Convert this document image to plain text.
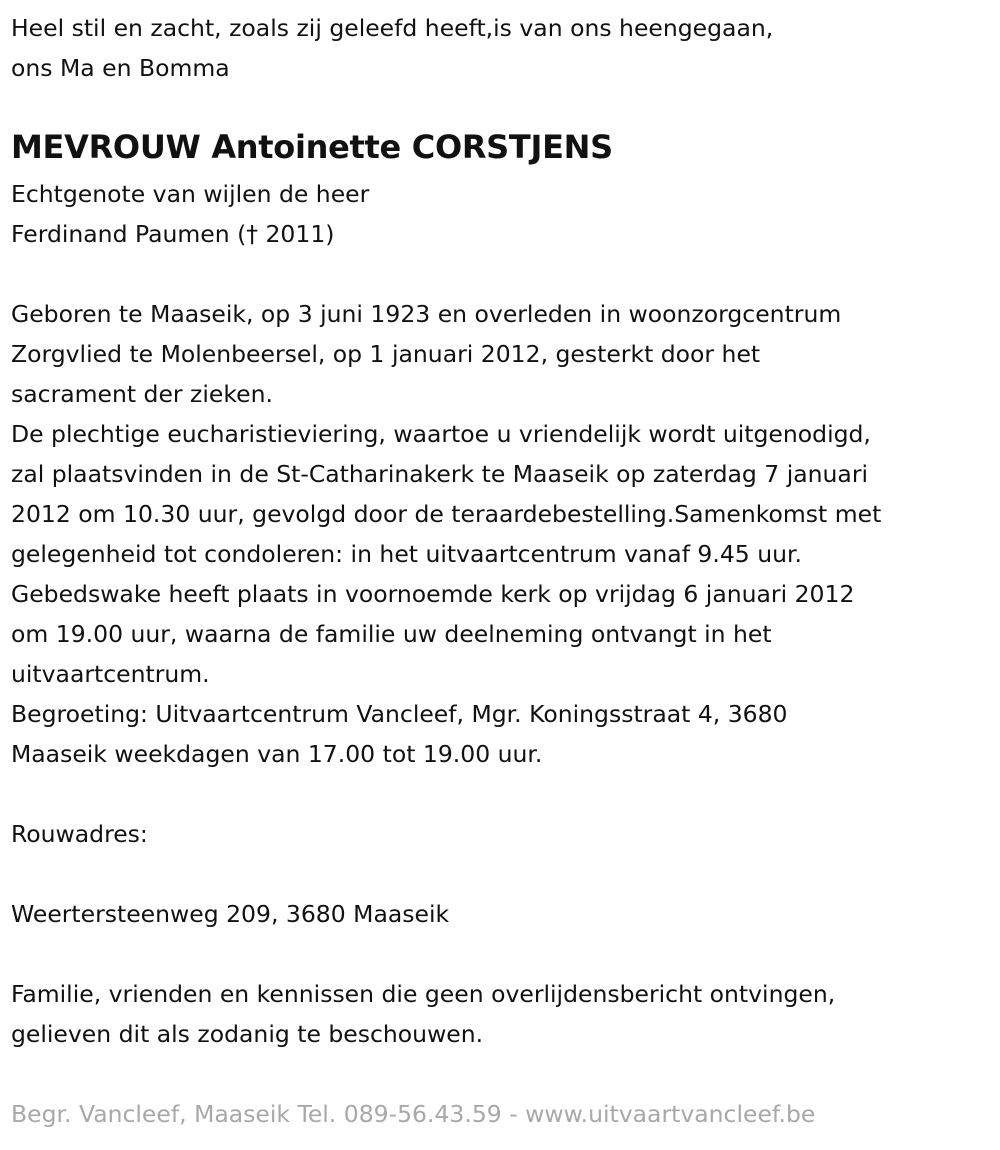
Heel stil en zacht, zoals zij geleefd heeft,is van ons heengegaan,
ons Ma en Bomma
MEVROUW Antoinette CORSTJENS
Echtgenote van wijlen de heer
Ferdinand Paumen († 2011)
Geboren te Maaseik, op 3 juni 1923 en overleden in woonzorgcentrum
Zorgvlied te Molenbeersel, op 1 januari 2012, gesterkt door het
sacrament der zieken.
De plechtige eucharistieviering, waartoe u vriendelijk wordt uitgenodigd,
zal plaatsvinden in de St-Catharinakerk te Maaseik op zaterdag 7 januari
2012 om 10.30 uur, gevolgd door de teraardebestelling.Samenkomst met
gelegenheid tot condoleren: in het uitvaartcentrum vanaf 9.45 uur.
Gebedswake heeft plaats in voornoemde kerk op vrijdag 6 januari 2012
om 19.00 uur, waarna de familie uw deelneming ontvangt in het
uitvaartcentrum.
Begroeting: Uitvaartcentrum Vancleef, Mgr. Koningsstraat 4, 3680
Maaseik weekdagen van 17.00 tot 19.00 uur.
Rouwadres:
Weertersteenweg 209, 3680 Maaseik
Familie, vrienden en kennissen die geen overlijdensbericht ontvingen,
gelieven dit als zodanig te beschouwen.
Begr. Vancleef, Maaseik Tel. 089-56.43.59 - www.uitvaartvancleef.be
